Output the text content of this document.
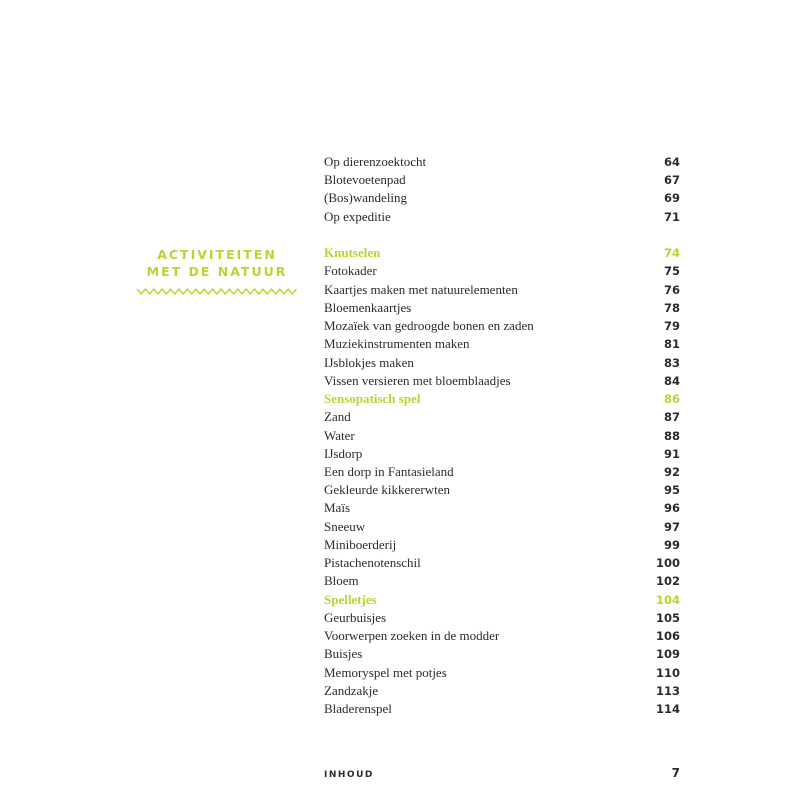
ACTIVITEITEN
MET DE NATUUR
Op dierenzoektocht	64
Blotevoetenpad	67
(Bos)wandeling	69
Op expeditie	71
Knutselen	74
Fotokader	75
Kaartjes maken met natuurelementen	76
Bloemenkaartjes	78
Mozaïek van gedroogde bonen en zaden	79
Muziekinstrumenten maken	81
IJsblokjes maken	83
Vissen versieren met bloemblaadjes	84
Sensopatisch spel	86
Zand	87
Water	88
IJsdorp	91
Een dorp in Fantasieland	92
Gekleurde kikkererwten	95
Maïs	96
Sneeuw	97
Miniboerderij	99
Pistachenotenschil	100
Bloem	102
Spelletjes	104
Geurbuisjes	105
Voorwerpen zoeken in de modder	106
Buisjes	109
Memoryspel met potjes	110
Zandzakje	113
Bladerenspel	114
INHOUD	7
